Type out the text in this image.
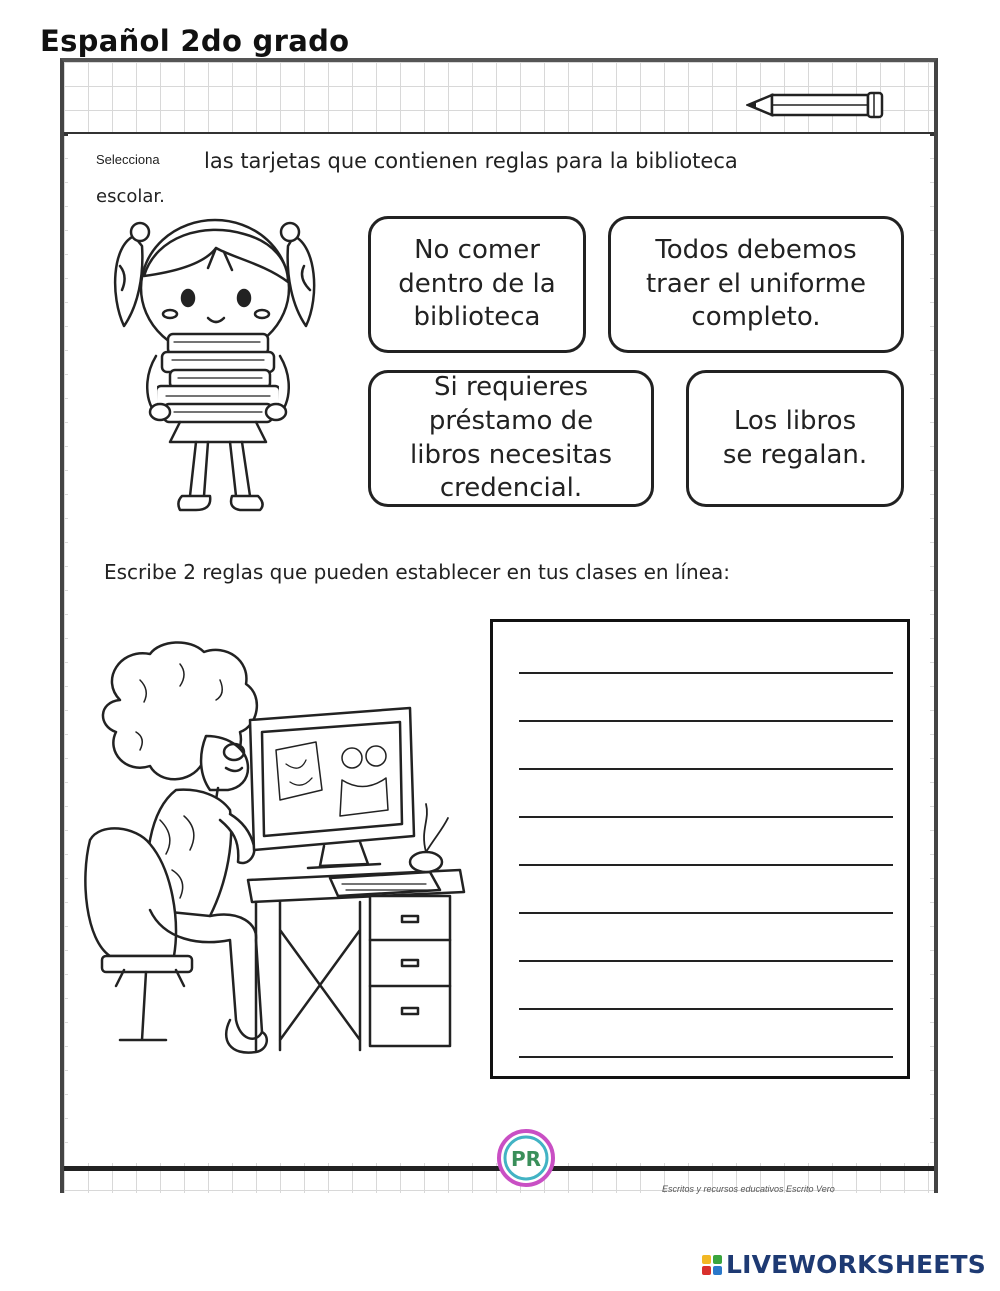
Español 2do grado
Selecciona las tarjetas que contienen reglas para la biblioteca
escolar.
No comer
dentro de la
biblioteca
Todos debemos
traer el uniforme
completo.
Si requieres
préstamo de
libros necesitas
credencial.
Los libros
se regalan.
Escribe 2 reglas que pueden establecer en tus clases en línea:
PR
Escritos y recursos educativos Escrito Vero
LIVEWORKSHEETS
